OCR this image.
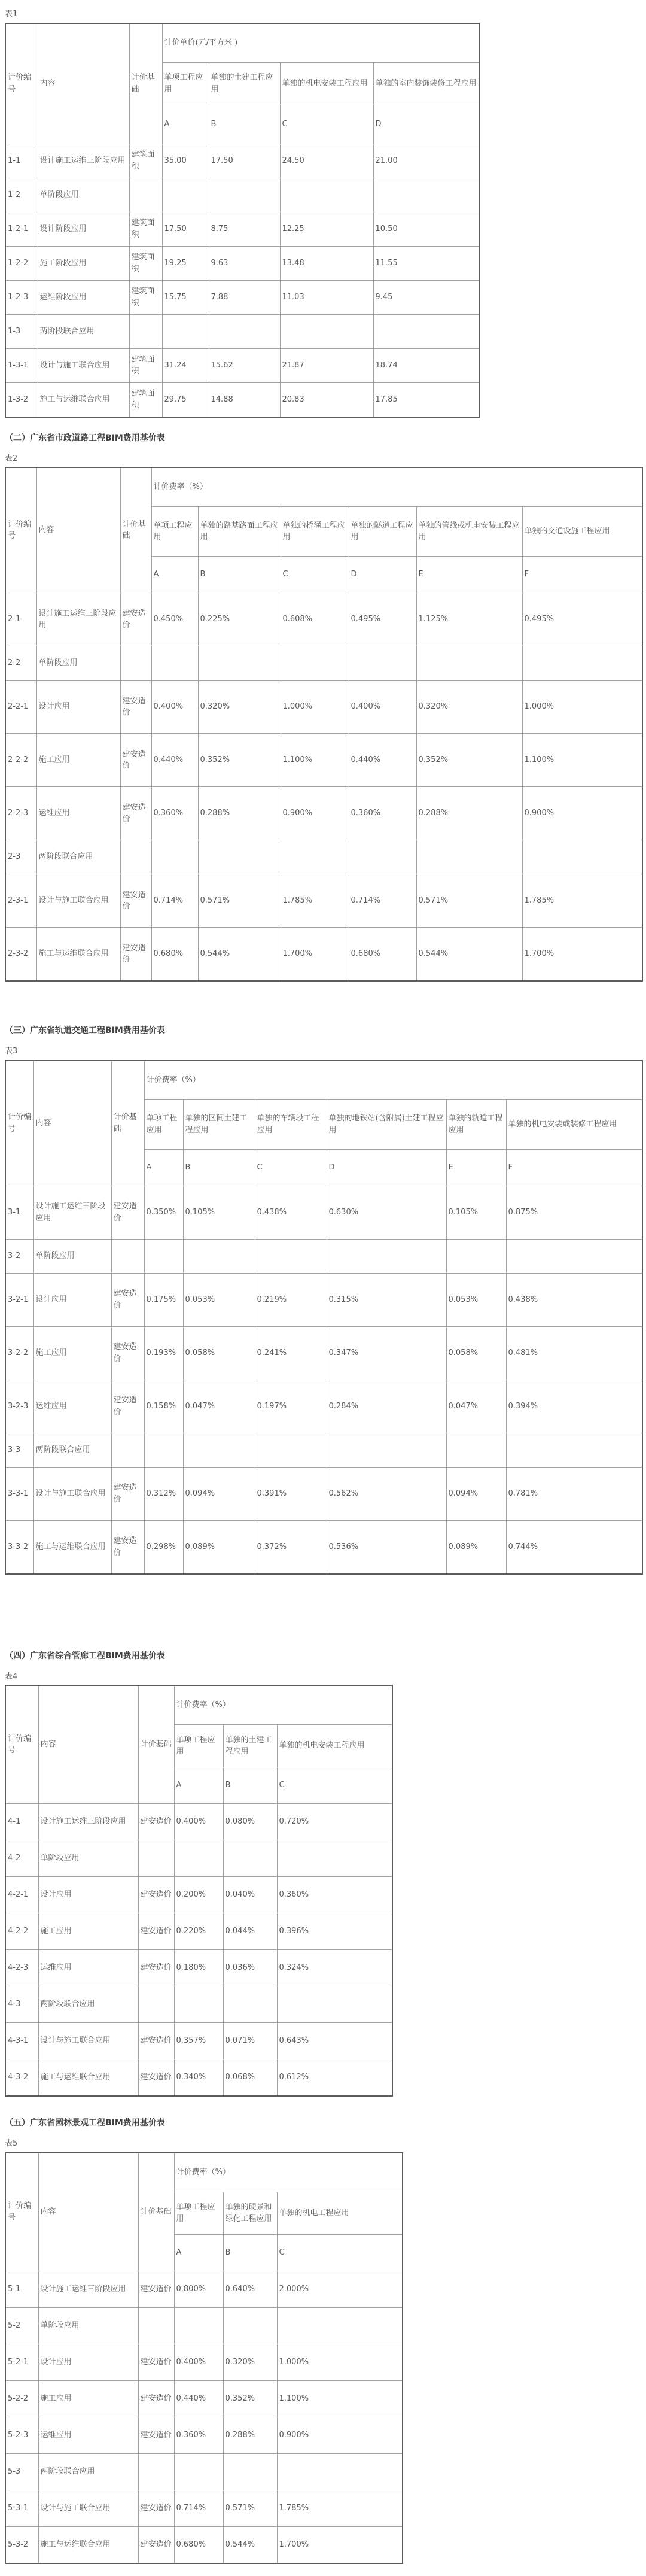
表1
计价编号	内容	计价基础	计价单价(元/平方米 )			
			单项工程应用	单独的土建工程应用	单独的机电安装工程应用	单独的室内装饰装修工程应用
			A	B	C	D
1-1	设计施工运维三阶段应用	建筑面积	35.00	17.50	24.50	21.00
1-2	单阶段应用					
1-2-1	设计阶段应用	建筑面积	17.50	8.75	12.25	10.50
1-2-2	施工阶段应用	建筑面积	19.25	9.63	13.48	11.55
1-2-3	运维阶段应用	建筑面积	15.75	7.88	11.03	9.45
1-3	两阶段联合应用					
1-3-1	设计与施工联合应用	建筑面积	31.24	15.62	21.87	18.74
1-3-2	施工与运维联合应用	建筑面积	29.75	14.88	20.83	17.85
（二）广东省市政道路工程BIM费用基价表
表2
计价编号	内容	计价基础	计价费率（%）					
			单项工程应用	单独的路基路面工程应用	单独的桥涵工程应用	单独的隧道工程应用	单独的管线或机电安装工程应用	单独的交通设施工程应用
			A	B	C	D	E	F
2-1	设计施工运维三阶段应用	建安造价	0.450%	0.225%	0.608%	0.495%	1.125%	0.495%
2-2	单阶段应用							
2-2-1	设计应用	建安造价	0.400%	0.320%	1.000%	0.400%	0.320%	1.000%
2-2-2	施工应用	建安造价	0.440%	0.352%	1.100%	0.440%	0.352%	1.100%
2-2-3	运维应用	建安造价	0.360%	0.288%	0.900%	0.360%	0.288%	0.900%
2-3	两阶段联合应用							
2-3-1	设计与施工联合应用	建安造价	0.714%	0.571%	1.785%	0.714%	0.571%	1.785%
2-3-2	施工与运维联合应用	建安造价	0.680%	0.544%	1.700%	0.680%	0.544%	1.700%
（三）广东省轨道交通工程BIM费用基价表
表3
计价编号	内容	计价基础	计价费率（%）					
			单项工程应用	单独的区间土建工程应用	单独的车辆段工程应用	单独的地铁站(含附属)土建工程应用	单独的轨道工程应用	单独的机电安装或装修工程应用
			A	B	C	D	E	F
3-1	设计施工运维三阶段应用	建安造价	0.350%	0.105%	0.438%	0.630%	0.105%	0.875%
3-2	单阶段应用							
3-2-1	设计应用	建安造价	0.175%	0.053%	0.219%	0.315%	0.053%	0.438%
3-2-2	施工应用	建安造价	0.193%	0.058%	0.241%	0.347%	0.058%	0.481%
3-2-3	运维应用	建安造价	0.158%	0.047%	0.197%	0.284%	0.047%	0.394%
3-3	两阶段联合应用							
3-3-1	设计与施工联合应用	建安造价	0.312%	0.094%	0.391%	0.562%	0.094%	0.781%
3-3-2	施工与运维联合应用	建安造价	0.298%	0.089%	0.372%	0.536%	0.089%	0.744%
（四）广东省综合管廊工程BIM费用基价表
表4
计价编号	内容	计价基础	计价费率（%）		
			单项工程应用	单独的土建工程应用	单独的机电安装工程应用
			A	B	C
4-1	设计施工运维三阶段应用	建安造价	0.400%	0.080%	0.720%
4-2	单阶段应用				
4-2-1	设计应用	建安造价	0.200%	0.040%	0.360%
4-2-2	施工应用	建安造价	0.220%	0.044%	0.396%
4-2-3	运维应用	建安造价	0.180%	0.036%	0.324%
4-3	两阶段联合应用				
4-3-1	设计与施工联合应用	建安造价	0.357%	0.071%	0.643%
4-3-2	施工与运维联合应用	建安造价	0.340%	0.068%	0.612%
（五）广东省园林景观工程BIM费用基价表
表5
计价编号	内容	计价基础	计价费率（%）		
			单项工程应用	单独的硬景和绿化工程应用	单独的机电工程应用
			A	B	C
5-1	设计施工运维三阶段应用	建安造价	0.800%	0.640%	2.000%
5-2	单阶段应用				
5-2-1	设计应用	建安造价	0.400%	0.320%	1.000%
5-2-2	施工应用	建安造价	0.440%	0.352%	1.100%
5-2-3	运维应用	建安造价	0.360%	0.288%	0.900%
5-3	两阶段联合应用				
5-3-1	设计与施工联合应用	建安造价	0.714%	0.571%	1.785%
5-3-2	施工与运维联合应用	建安造价	0.680%	0.544%	1.700%
